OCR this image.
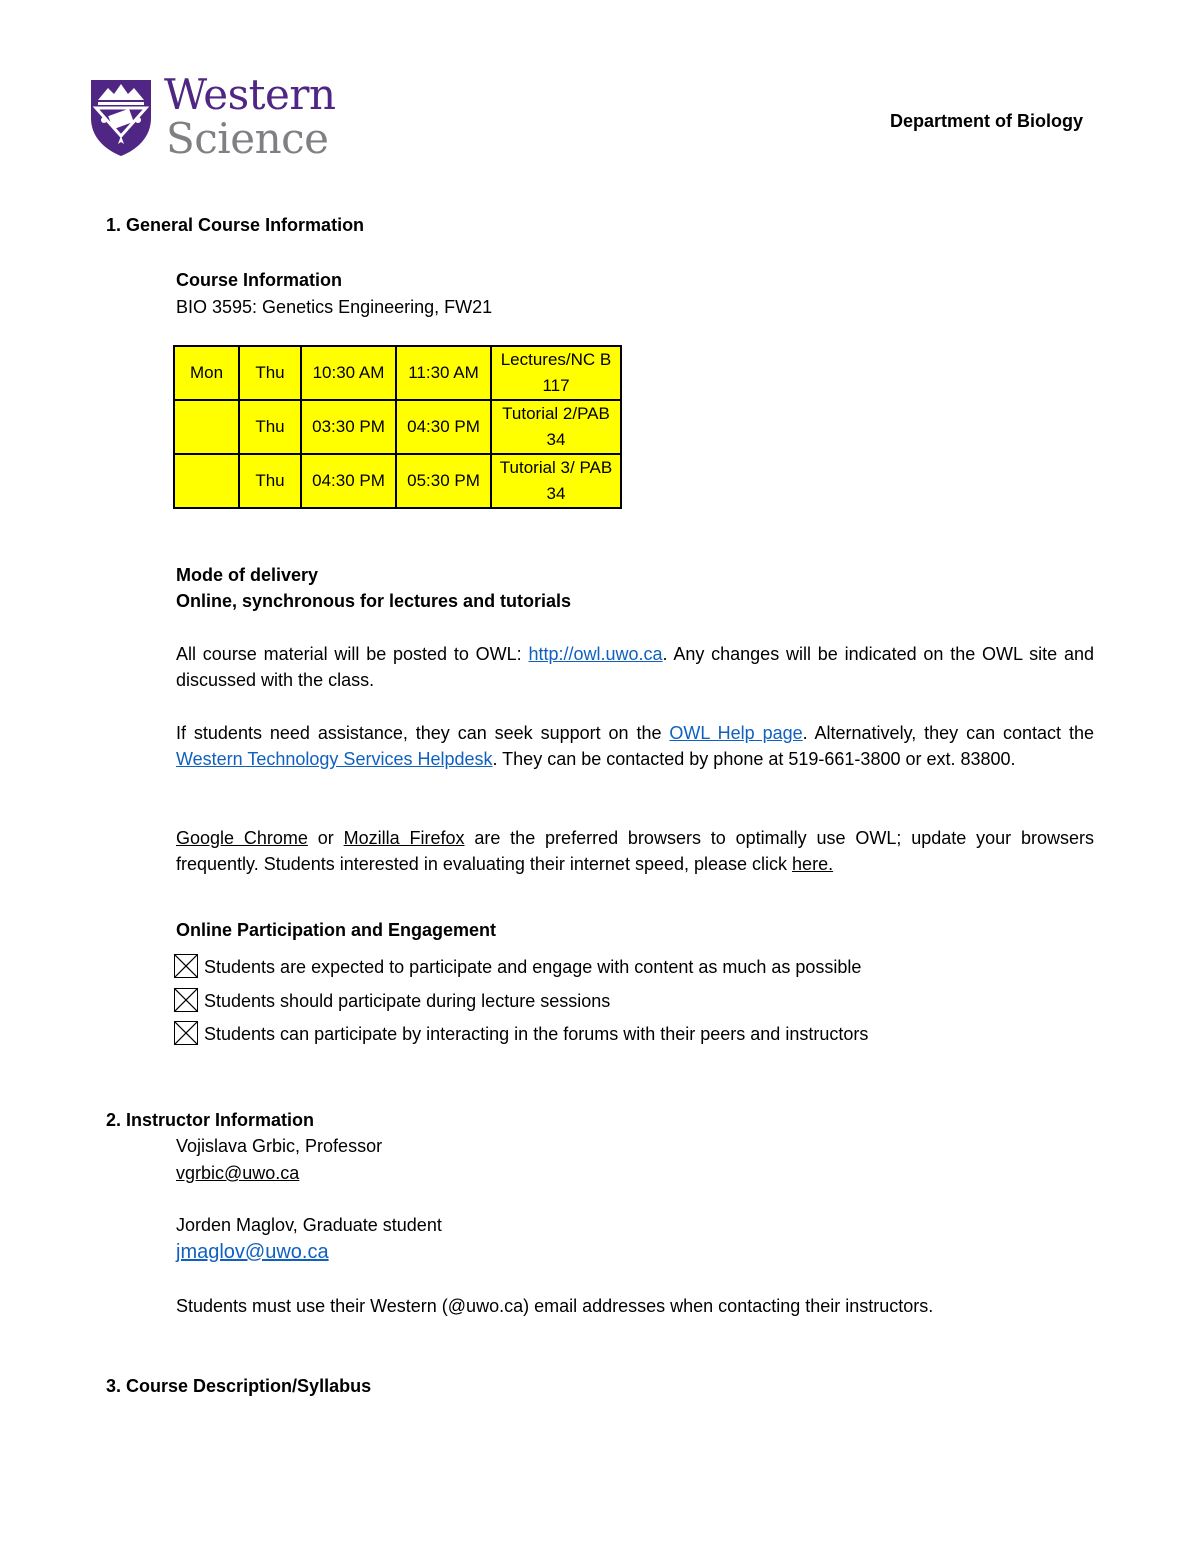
Western
Science	Department of Biology
1. General Course Information
Course Information
BIO 3595: Genetics Engineering, FW21
Mon	Thu	10:30 AM	11:30 AM	Lectures/NC B 117
	Thu	03:30 PM	04:30 PM	Tutorial 2/PAB 34
	Thu	04:30 PM	05:30 PM	Tutorial 3/ PAB 34
Mode of delivery
Online, synchronous for lectures and tutorials
All course material will be posted to OWL: http://owl.uwo.ca. Any changes will be indicated on the OWL site and discussed with the class.
If students need assistance, they can seek support on the OWL Help page. Alternatively, they can contact the Western Technology Services Helpdesk. They can be contacted by phone at 519-661-3800 or ext. 83800.
Google Chrome or Mozilla Firefox are the preferred browsers to optimally use OWL; update your browsers frequently. Students interested in evaluating their internet speed, please click here.
Online Participation and Engagement
Students are expected to participate and engage with content as much as possible
Students should participate during lecture sessions
Students can participate by interacting in the forums with their peers and instructors
2. Instructor Information
Vojislava Grbic, Professor
vgrbic@uwo.ca
Jorden Maglov, Graduate student
jmaglov@uwo.ca
Students must use their Western (@uwo.ca) email addresses when contacting their instructors.
3. Course Description/Syllabus
